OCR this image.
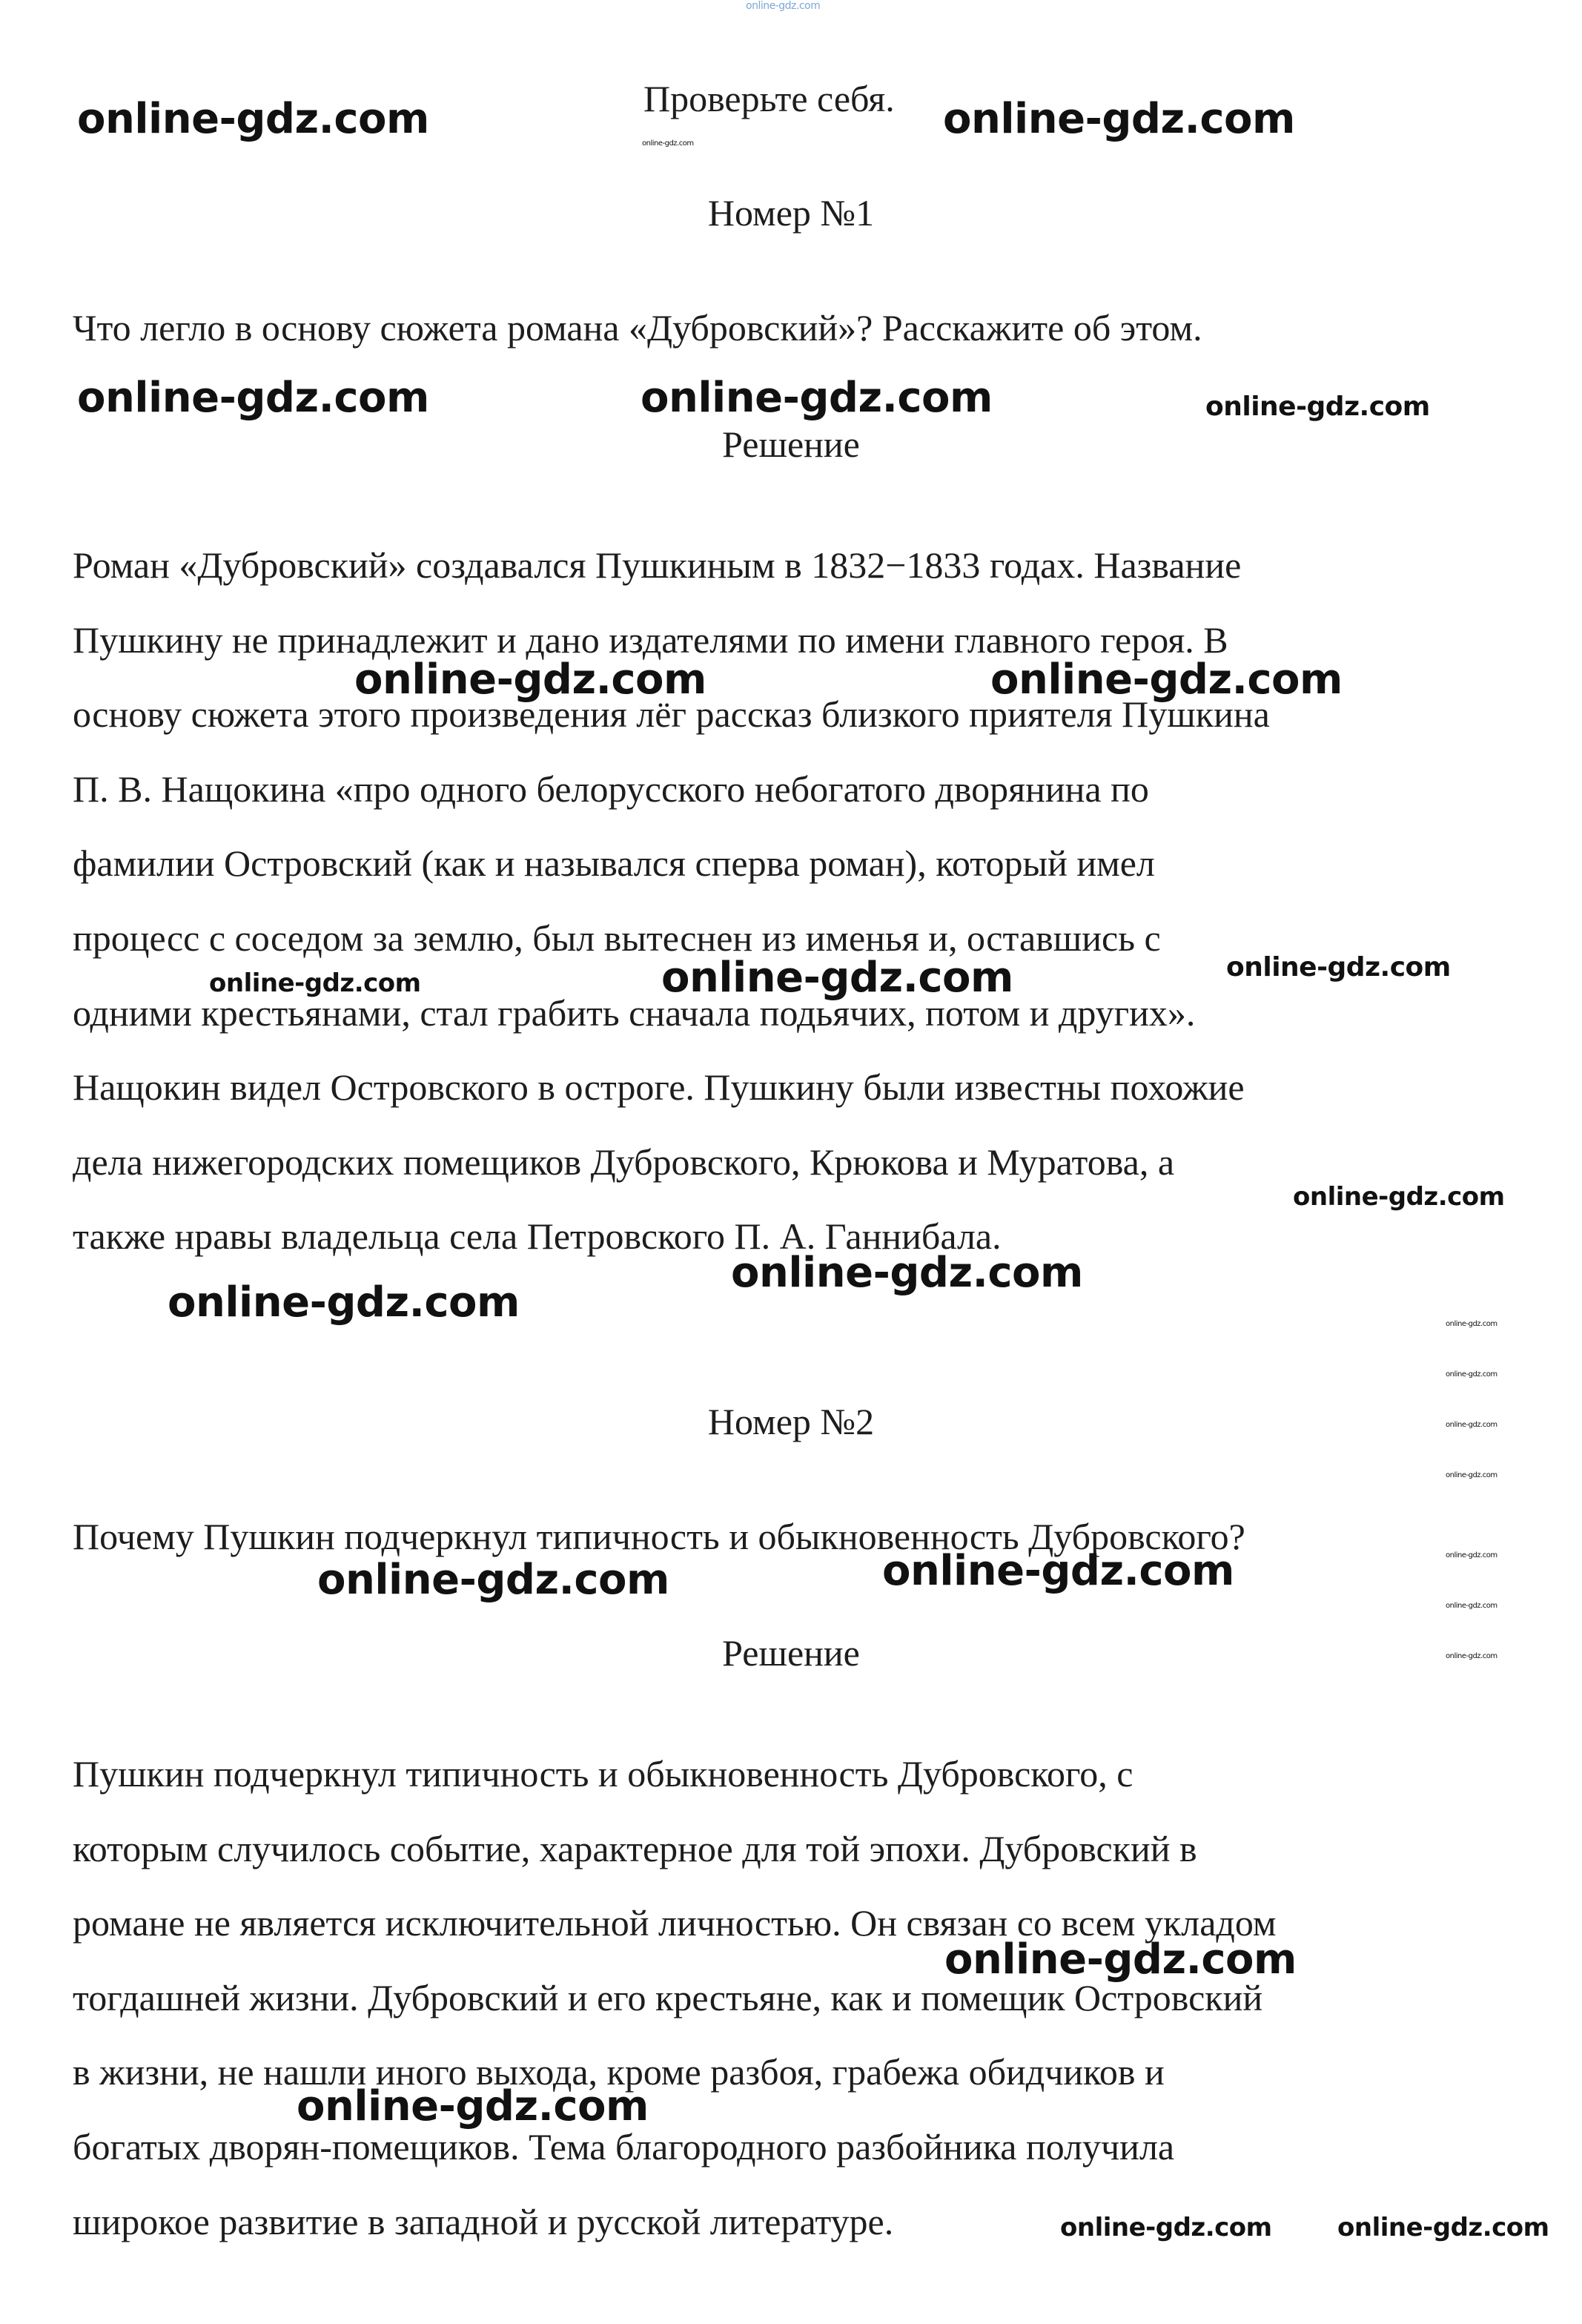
Проверьте себя.
Номер №1
Что легло в основу сюжета романа «Дубровский»? Расскажите об этом.
Решение
Роман «Дубровский» создавался Пушкиным в 1832−1833 годах. Название
Пушкину не принадлежит и дано издателями по имени главного героя. В
основу сюжета этого произведения лёг рассказ близкого приятеля Пушкина
П. В. Нащокина «про одного белорусского небогатого дворянина по
фамилии Островский (как и назывался сперва роман), который имел
процесс с соседом за землю, был вытеснен из именья и, оставшись с
одними крестьянами, стал грабить сначала подьячих, потом и других».
Нащокин видел Островского в остроге. Пушкину были известны похожие
дела нижегородских помещиков Дубровского, Крюкова и Муратова, а
также нравы владельца села Петровского П. А. Ганнибала.
Номер №2
Почему Пушкин подчеркнул типичность и обыкновенность Дубровского?
Решение
Пушкин подчеркнул типичность и обыкновенность Дубровского, с
которым случилось событие, характерное для той эпохи. Дубровский в
романе не является исключительной личностью. Он связан со всем укладом
тогдашней жизни. Дубровский и его крестьяне, как и помещик Островский
в жизни, не нашли иного выхода, кроме разбоя, грабежа обидчиков и
богатых дворян-помещиков. Тема благородного разбойника получила
широкое развитие в западной и русской литературе.
online-gdz.com
online-gdz.com	online-gdz.com
online-gdz.com
online-gdz.com	online-gdz.com	online-gdz.com
online-gdz.com	online-gdz.com
online-gdz.com	online-gdz.com	online-gdz.com
online-gdz.com
online-gdz.com
online-gdz.com	online-gdz.com
online-gdz.com
online-gdz.com
online-gdz.com
online-gdz.com
online-gdz.com
online-gdz.com
online-gdz.com	online-gdz.com
online-gdz.com
online-gdz.com
online-gdz.com	online-gdz.com
